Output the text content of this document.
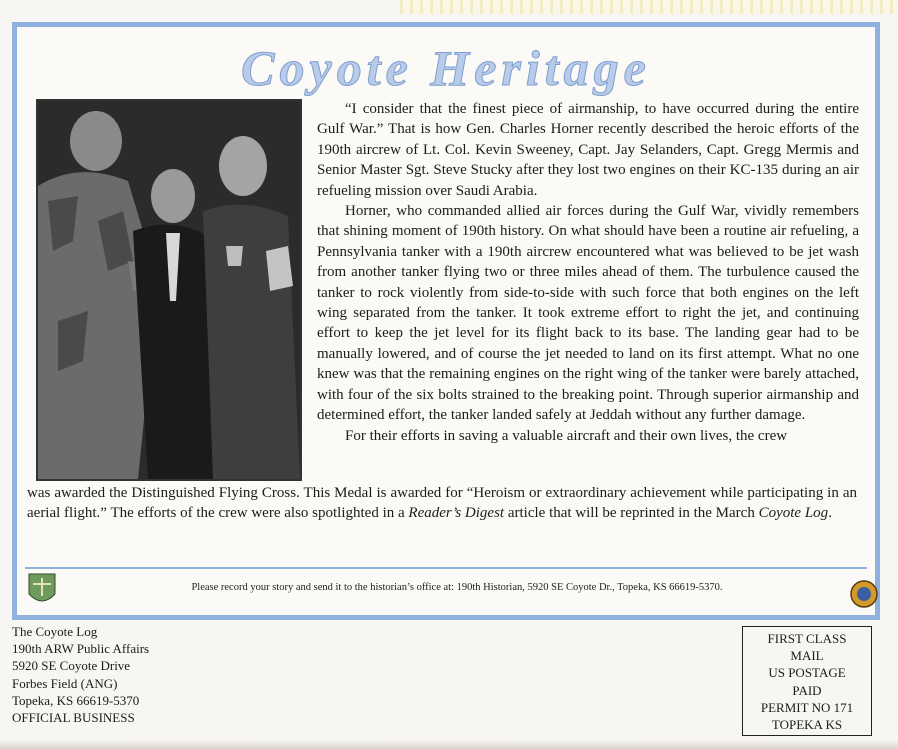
Coyote Heritage

“I consider that the finest piece of airmanship, to have occurred during the entire Gulf War.” That is how Gen. Charles Horner recently described the heroic efforts of the 190th aircrew of Lt. Col. Kevin Sweeney, Capt. Jay Selanders, Capt. Gregg Mermis and Senior Master Sgt. Steve Stucky after they lost two engines on their KC-135 during an air refueling mission over Saudi Arabia.

Horner, who commanded allied air forces during the Gulf War, vividly remembers that shining moment of 190th history. On what should have been a routine air refueling, a Pennsylvania tanker with a 190th aircrew encountered what was believed to be jet wash from another tanker flying two or three miles ahead of them. The turbulence caused the tanker to rock violently from side-to-side with such force that both engines on the left wing separated from the tanker. It took extreme effort to right the jet, and continuing effort to keep the jet level for its flight back to its base. The landing gear had to be manually lowered, and of course the jet needed to land on its first attempt. What no one knew was that the remaining engines on the right wing of the tanker were barely attached, with four of the six bolts strained to the breaking point. Through superior airmanship and determined effort, the tanker landed safely at Jeddah without any further damage.

For their efforts in saving a valuable aircraft and their own lives, the crew

was awarded the Distinguished Flying Cross. This Medal is awarded for “Heroism or extraordinary achievement while participating in an aerial flight.” The efforts of the crew were also spotlighted in a Reader’s Digest article that will be reprinted in the March Coyote Log.

Please record your story and send it to the historian’s office at: 190th Historian, 5920 SE Coyote Dr., Topeka, KS 66619-5370.
The Coyote Log
190th ARW Public Affairs
5920 SE Coyote Drive
Forbes Field (ANG)
Topeka, KS 66619-5370
OFFICIAL BUSINESS
FIRST CLASS
MAIL
US POSTAGE
PAID
PERMIT NO 171
TOPEKA KS
